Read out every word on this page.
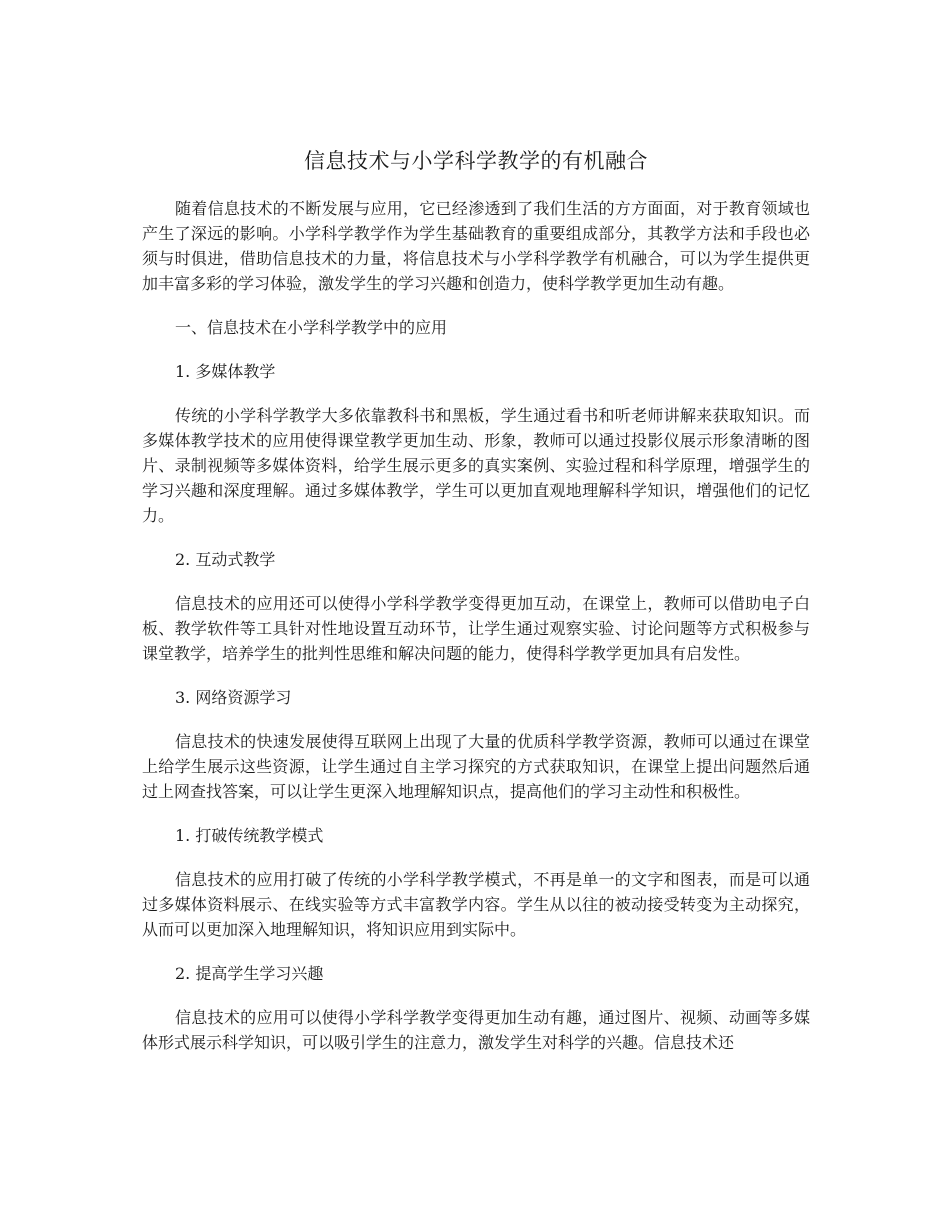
信息技术与小学科学教学的有机融合

随着信息技术的不断发展与应用，它已经渗透到了我们生活的方方面面，对于教育领域也产生了深远的影响。小学科学教学作为学生基础教育的重要组成部分，其教学方法和手段也必须与时俱进，借助信息技术的力量，将信息技术与小学科学教学有机融合，可以为学生提供更加丰富多彩的学习体验，激发学生的学习兴趣和创造力，使科学教学更加生动有趣。

一、信息技术在小学科学教学中的应用

1. 多媒体教学

传统的小学科学教学大多依靠教科书和黑板，学生通过看书和听老师讲解来获取知识。而多媒体教学技术的应用使得课堂教学更加生动、形象，教师可以通过投影仪展示形象清晰的图片、录制视频等多媒体资料，给学生展示更多的真实案例、实验过程和科学原理，增强学生的学习兴趣和深度理解。通过多媒体教学，学生可以更加直观地理解科学知识，增强他们的记忆力。

2. 互动式教学

信息技术的应用还可以使得小学科学教学变得更加互动，在课堂上，教师可以借助电子白板、教学软件等工具针对性地设置互动环节，让学生通过观察实验、讨论问题等方式积极参与课堂教学，培养学生的批判性思维和解决问题的能力，使得科学教学更加具有启发性。

3. 网络资源学习

信息技术的快速发展使得互联网上出现了大量的优质科学教学资源，教师可以通过在课堂上给学生展示这些资源，让学生通过自主学习探究的方式获取知识，在课堂上提出问题然后通过上网查找答案，可以让学生更深入地理解知识点，提高他们的学习主动性和积极性。

1. 打破传统教学模式

信息技术的应用打破了传统的小学科学教学模式，不再是单一的文字和图表，而是可以通过多媒体资料展示、在线实验等方式丰富教学内容。学生从以往的被动接受转变为主动探究，从而可以更加深入地理解知识，将知识应用到实际中。

2. 提高学生学习兴趣

信息技术的应用可以使得小学科学教学变得更加生动有趣，通过图片、视频、动画等多媒体形式展示科学知识，可以吸引学生的注意力，激发学生对科学的兴趣。信息技术还
